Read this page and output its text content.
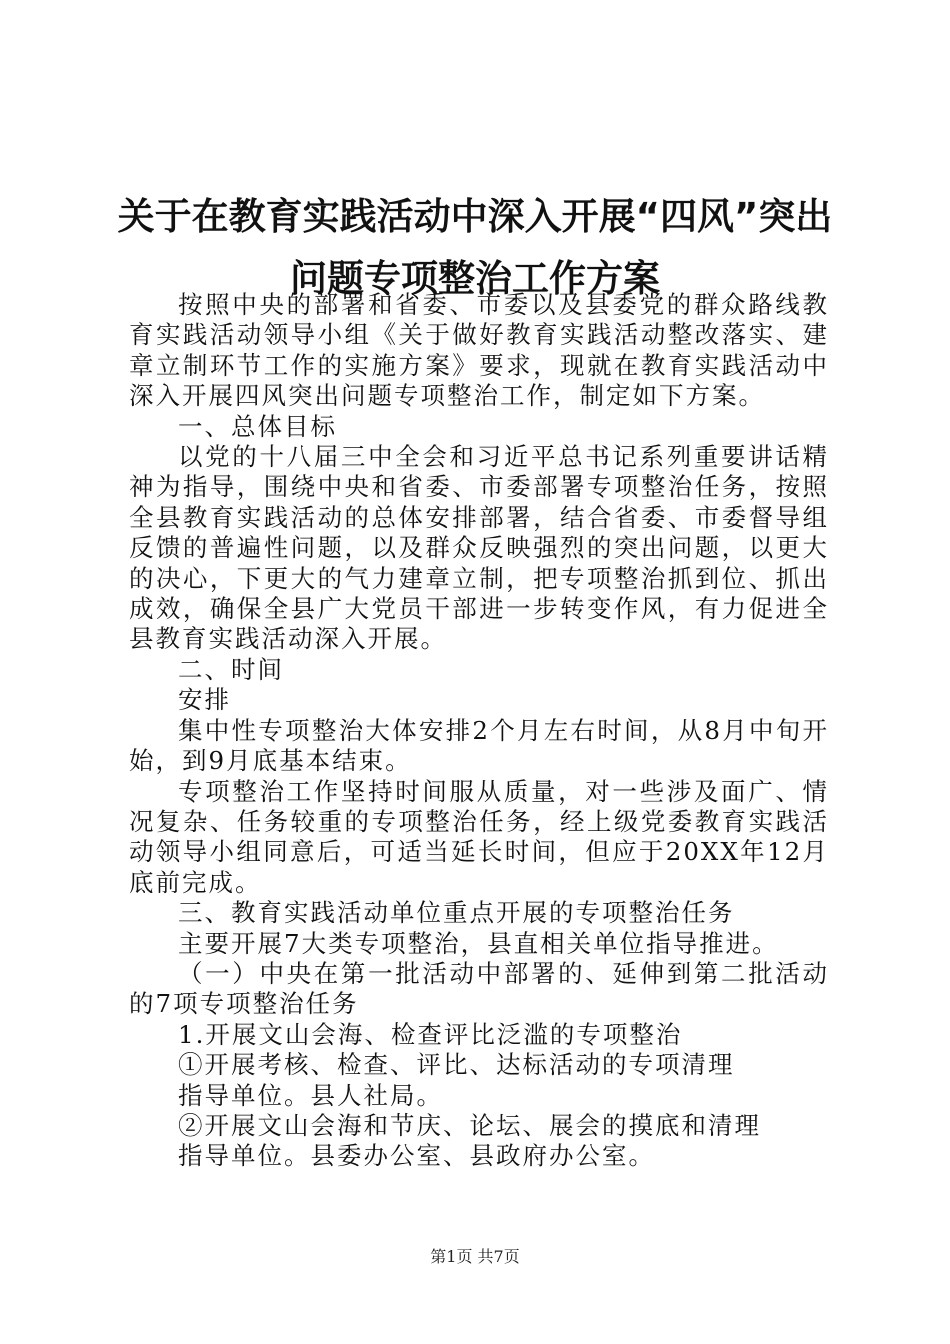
关于在教育实践活动中深入开展“四风”突出
问题专项整治工作方案

按照中央的部署和省委、市委以及县委党的群众路线教育实践活动领导小组《关于做好教育实践活动整改落实、建章立制环节工作的实施方案》要求，现就在教育实践活动中深入开展四风突出问题专项整治工作，制定如下方案。

一、总体目标

以党的十八届三中全会和习近平总书记系列重要讲话精神为指导，围绕中央和省委、市委部署专项整治任务，按照全县教育实践活动的总体安排部署，结合省委、市委督导组反馈的普遍性问题，以及群众反映强烈的突出问题，以更大的决心，下更大的气力建章立制，把专项整治抓到位、抓出成效，确保全县广大党员干部进一步转变作风，有力促进全县教育实践活动深入开展。

二、时间

安排

集中性专项整治大体安排2个月左右时间，从8月中旬开始，到9月底基本结束。

专项整治工作坚持时间服从质量，对一些涉及面广、情况复杂、任务较重的专项整治任务，经上级党委教育实践活动领导小组同意后，可适当延长时间，但应于20XX年12月底前完成。

三、教育实践活动单位重点开展的专项整治任务

主要开展7大类专项整治，县直相关单位指导推进。

（一）中央在第一批活动中部署的、延伸到第二批活动的7项专项整治任务

1.开展文山会海、检查评比泛滥的专项整治

①开展考核、检查、评比、达标活动的专项清理

指导单位。县人社局。

②开展文山会海和节庆、论坛、展会的摸底和清理

指导单位。县委办公室、县政府办公室。

第1页 共7页
